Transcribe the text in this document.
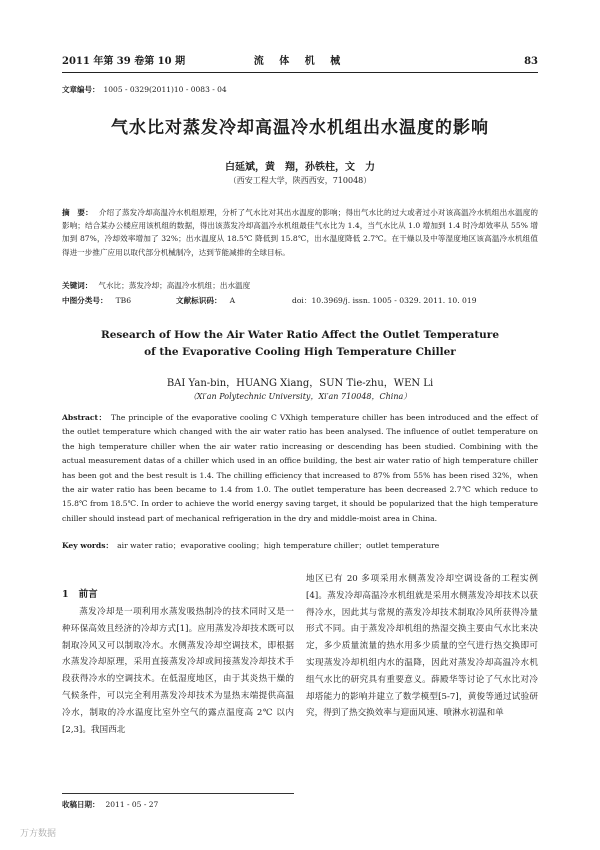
2011 年第 39 卷第 10 期	流 体 机 械	83
文章编号： 1005 - 0329(2011)10 - 0083 - 04
气水比对蒸发冷却高温冷水机组出水温度的影响
白延斌，黄　翔，孙铁柱，文　力
（西安工程大学，陕西西安，710048）
摘　要： 介绍了蒸发冷却高温冷水机组原理，分析了气水比对其出水温度的影响；得出气水比的过大或者过小对该高温冷水机组出水温度的影响；结合某办公楼应用该机组的数据，得出该蒸发冷却高温冷水机组最佳气水比为 1.4，当气水比从 1.0 增加到 1.4 时冷却效率从 55% 增加到 87%，冷却效率增加了 32%；出水温度从 18.5℃ 降低到 15.8℃，出水温度降低 2.7℃。在干燥以及中等湿度地区该高温冷水机组值得进一步推广应用以取代部分机械制冷，达到节能减排的全球目标。
关键词： 气水比；蒸发冷却；高温冷水机组；出水温度
中图分类号： TB6	文献标识码： A	doi：10.3969/j. issn. 1005 - 0329. 2011. 10. 019
Research of How the Air Water Ratio Affect the Outlet Temperature
of the Evaporative Cooling High Temperature Chiller
BAI Yan-bin，HUANG Xiang，SUN Tie-zhu，WEN Li
（Xi′an Polytechnic University，Xi′an 710048，China）
Abstract： The principle of the evaporative cooling C VXhigh temperature chiller has been introduced and the effect of the outlet temperature which changed with the air water ratio has been analysed. The influence of outlet temperature on the high temperature chiller when the air water ratio increasing or descending has been studied. Combining with the actual measurement datas of a chiller which used in an office building, the best air water ratio of high temperature chiller has been got and the best result is 1.4. The chilling efficiency that increased to 87% from 55% has been rised 32%，when the air water ratio has been became to 1.4 from 1.0. The outlet temperature has been decreased 2.7℃ which reduce to 15.8℃ from 18.5℃. In order to achieve the world energy saving target, it should be popularized that the high temperature chiller should instead part of mechanical refrigeration in the dry and middle-moist area in China.
Key words： air water ratio；evaporative cooling；high temperature chiller；outlet temperature
1 前言
蒸发冷却是一项利用水蒸发吸热制冷的技术同时又是一种环保高效且经济的冷却方式[1]。应用蒸发冷却技术既可以制取冷风又可以制取冷水。水侧蒸发冷却空调技术，即根据水蒸发冷却原理，采用直接蒸发冷却或间接蒸发冷却技术手段获得冷水的空调技术。在低湿度地区，由于其炎热干燥的气候条件，可以完全利用蒸发冷却技术为显热末端提供高温冷水，制取的冷水温度比室外空气的露点温度高 2℃ 以内[2,3]。我国西北
地区已有 20 多项采用水侧蒸发冷却空调设备的工程实例[4]。蒸发冷却高温冷水机组就是采用水侧蒸发冷却技术以获得冷水，因此其与常规的蒸发冷却技术制取冷风所获得冷量形式不同。由于蒸发冷却机组的热湿交换主要由气水比来决定，多少质量流量的热水用多少质量的空气进行热交换即可实现蒸发冷却机组内水的温降，因此对蒸发冷却高温冷水机组气水比的研究具有重要意义。薛殿华等讨论了气水比对冷却塔能力的影响并建立了数学模型[5-7]，黄俊等通过试验研究，得到了热交换效率与迎面风速、喷淋水初温和单
收稿日期： 2011 - 05 - 27
万方数据
